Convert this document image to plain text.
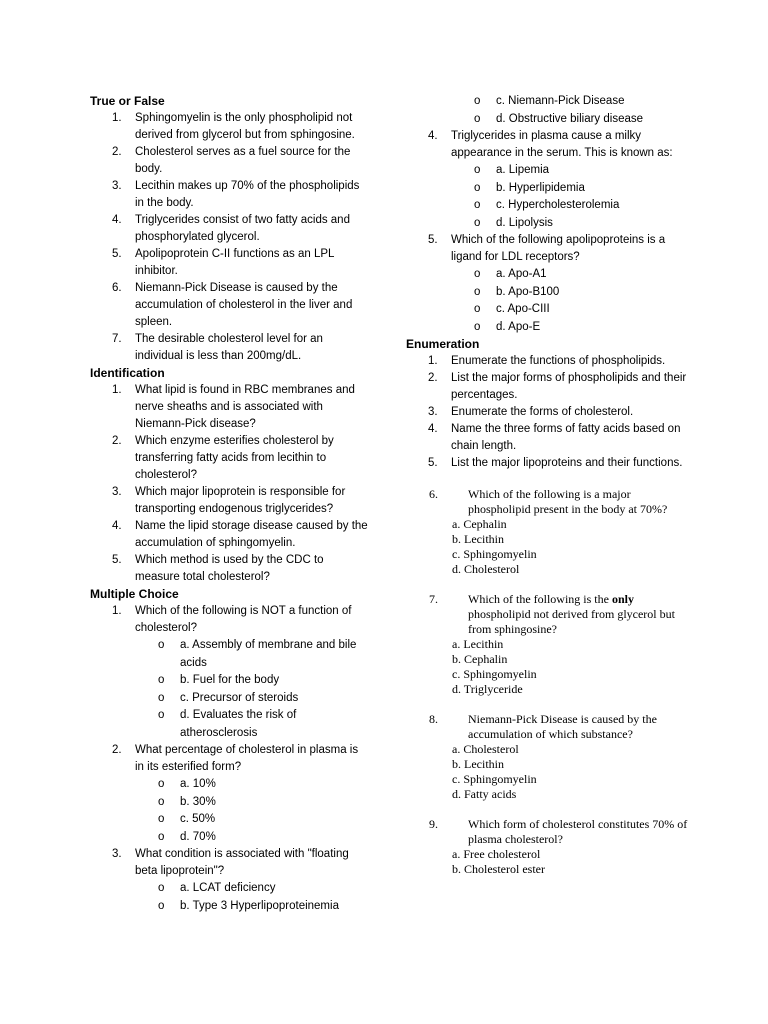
True or False

1.	Sphingomyelin is the only phospholipid not derived from glycerol but from sphingosine.
2.	Cholesterol serves as a fuel source for the body.
3.	Lecithin makes up 70% of the phospholipids in the body.
4.	Triglycerides consist of two fatty acids and phosphorylated glycerol.
5.	Apolipoprotein C-II functions as an LPL inhibitor.
6.	Niemann-Pick Disease is caused by the accumulation of cholesterol in the liver and spleen.
7.	The desirable cholesterol level for an individual is less than 200mg/dL.

Identification

1.	What lipid is found in RBC membranes and nerve sheaths and is associated with Niemann-Pick disease?
2.	Which enzyme esterifies cholesterol by transferring fatty acids from lecithin to cholesterol?
3.	Which major lipoprotein is responsible for transporting endogenous triglycerides?
4.	Name the lipid storage disease caused by the accumulation of sphingomyelin.
5.	Which method is used by the CDC to measure total cholesterol?

Multiple Choice

1.	Which of the following is NOT a function of cholesterol?
o a. Assembly of membrane and bile acids
o b. Fuel for the body
o c. Precursor of steroids
o d. Evaluates the risk of atherosclerosis
2.	What percentage of cholesterol in plasma is in its esterified form?
o a. 10%
o b. 30%
o c. 50%
o d. 70%
3.	What condition is associated with "floating beta lipoprotein"?
o a. LCAT deficiency
o b. Type 3 Hyperlipoproteinemia
o c. Niemann-Pick Disease
o d. Obstructive biliary disease
4.	Triglycerides in plasma cause a milky appearance in the serum. This is known as:
o a. Lipemia
o b. Hyperlipidemia
o c. Hypercholesterolemia
o d. Lipolysis
5.	Which of the following apolipoproteins is a ligand for LDL receptors?
o a. Apo-A1
o b. Apo-B100
o c. Apo-CIII
o d. Apo-E

Enumeration

1.	Enumerate the functions of phospholipids.
2.	List the major forms of phospholipids and their percentages.
3.	Enumerate the forms of cholesterol.
4.	Name the three forms of fatty acids based on chain length.
5.	List the major lipoproteins and their functions.
6.	Which of the following is a major phospholipid present in the body at 70%?
a. Cephalin
b. Lecithin
c. Sphingomyelin
d. Cholesterol
7.	Which of the following is the only phospholipid not derived from glycerol but from sphingosine?
a. Lecithin
b. Cephalin
c. Sphingomyelin
d. Triglyceride
8.	Niemann-Pick Disease is caused by the accumulation of which substance?
a. Cholesterol
b. Lecithin
c. Sphingomyelin
d. Fatty acids
9.	Which form of cholesterol constitutes 70% of plasma cholesterol?
a. Free cholesterol
b. Cholesterol ester
